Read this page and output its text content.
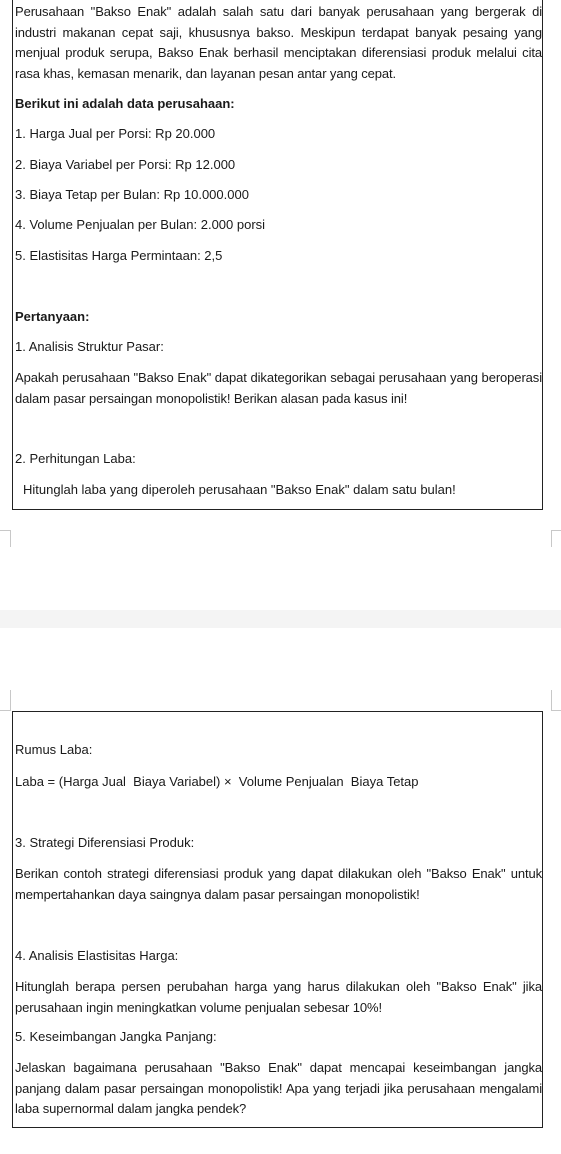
Perusahaan "Bakso Enak" adalah salah satu dari banyak perusahaan yang bergerak di industri makanan cepat saji, khususnya bakso. Meskipun terdapat banyak pesaing yang menjual produk serupa, Bakso Enak berhasil menciptakan diferensiasi produk melalui cita rasa khas, kemasan menarik, dan layanan pesan antar yang cepat.
Berikut ini adalah data perusahaan:
1. Harga Jual per Porsi: Rp 20.000
2. Biaya Variabel per Porsi: Rp 12.000
3. Biaya Tetap per Bulan: Rp 10.000.000
4. Volume Penjualan per Bulan: 2.000 porsi
5. Elastisitas Harga Permintaan: 2,5
Pertanyaan:
1. Analisis Struktur Pasar:
Apakah perusahaan "Bakso Enak" dapat dikategorikan sebagai perusahaan yang beroperasi dalam pasar persaingan monopolistik! Berikan alasan pada kasus ini!
2. Perhitungan Laba:
Hitunglah laba yang diperoleh perusahaan "Bakso Enak" dalam satu bulan!
Rumus Laba:
Laba = (Harga Jual  Biaya Variabel) ×  Volume Penjualan  Biaya Tetap
3. Strategi Diferensiasi Produk:
Berikan contoh strategi diferensiasi produk yang dapat dilakukan oleh "Bakso Enak" untuk mempertahankan daya saingnya dalam pasar persaingan monopolistik!
4. Analisis Elastisitas Harga:
Hitunglah berapa persen perubahan harga yang harus dilakukan oleh "Bakso Enak" jika perusahaan ingin meningkatkan volume penjualan sebesar 10%!
5. Keseimbangan Jangka Panjang:
Jelaskan bagaimana perusahaan "Bakso Enak" dapat mencapai keseimbangan jangka panjang dalam pasar persaingan monopolistik! Apa yang terjadi jika perusahaan mengalami laba supernormal dalam jangka pendek?
